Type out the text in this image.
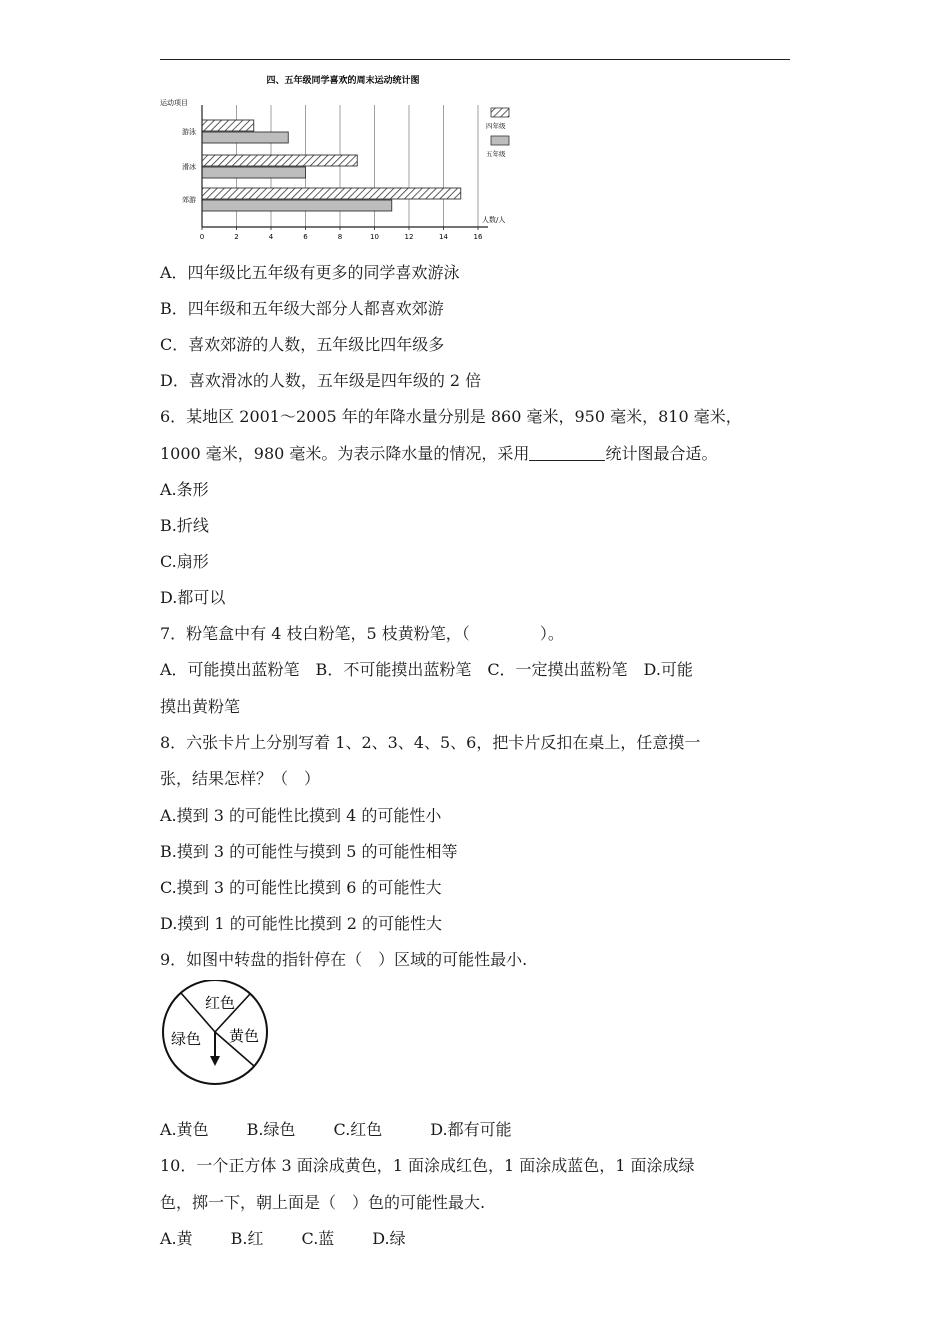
四、五年级同学喜欢的周末运动统计图
运动项目
游泳
滑冰
郊游
0	2	4	6	8	10	12	14	16
人数/人
四年级
五年级
A．四年级比五年级有更多的同学喜欢游泳
B．四年级和五年级大部分人都喜欢郊游
C．喜欢郊游的人数，五年级比四年级多
D．喜欢滑冰的人数，五年级是四年级的 2 倍
6．某地区 2001～2005 年的年降水量分别是 860 毫米，950 毫米，810 毫米，
1000 毫米，980 毫米。为表示降水量的情况，采用	统计图最合适。
A.条形
B.折线
C.扇形
D.都可以
7．粉笔盒中有 4 枝白粉笔，5 枝黄粉笔，（	）。
A．可能摸出蓝粉笔　B．不可能摸出蓝粉笔　C．一定摸出蓝粉笔　D.可能
摸出黄粉笔
8．六张卡片上分别写着 1、2、3、4、5、6，把卡片反扣在桌上，任意摸一
张，结果怎样？（　）
A.摸到 3 的可能性比摸到 4 的可能性小
B.摸到 3 的可能性与摸到 5 的可能性相等
C.摸到 3 的可能性比摸到 6 的可能性大
D.摸到 1 的可能性比摸到 2 的可能性大
9．如图中转盘的指针停在（　）区域的可能性最小.
红色
绿色 黄色
A.黄色 B.绿色 C.红色	D.都有可能
10．一个正方体 3 面涂成黄色，1 面涂成红色，1 面涂成蓝色，1 面涂成绿
色，掷一下，朝上面是（　）色的可能性最大.
A.黄 B.红 C.蓝 D.绿
